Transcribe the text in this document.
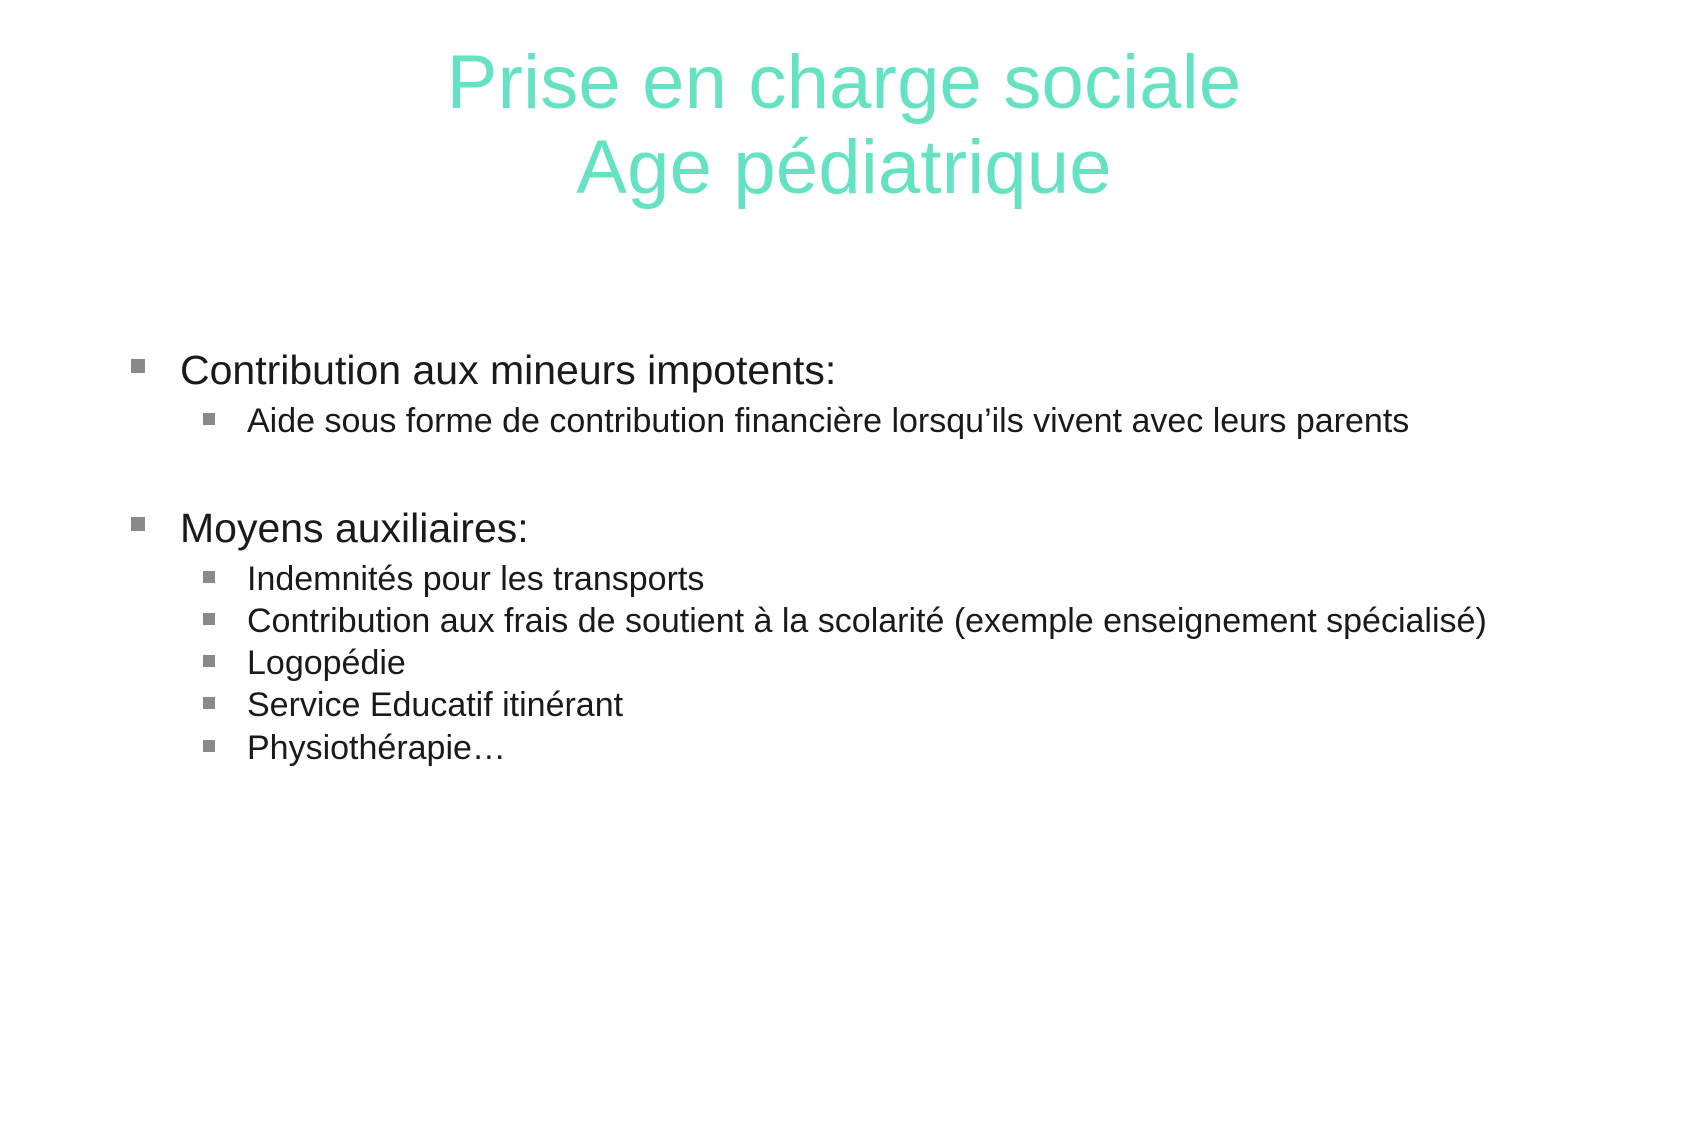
Prise en charge sociale
Age pédiatrique
Contribution aux mineurs impotents:
Aide sous forme de contribution financière lorsqu’ils vivent avec leurs parents
Moyens auxiliaires:
Indemnités pour les transports
Contribution aux frais de soutient à la scolarité (exemple enseignement spécialisé)
Logopédie
Service Educatif itinérant
Physiothérapie…
